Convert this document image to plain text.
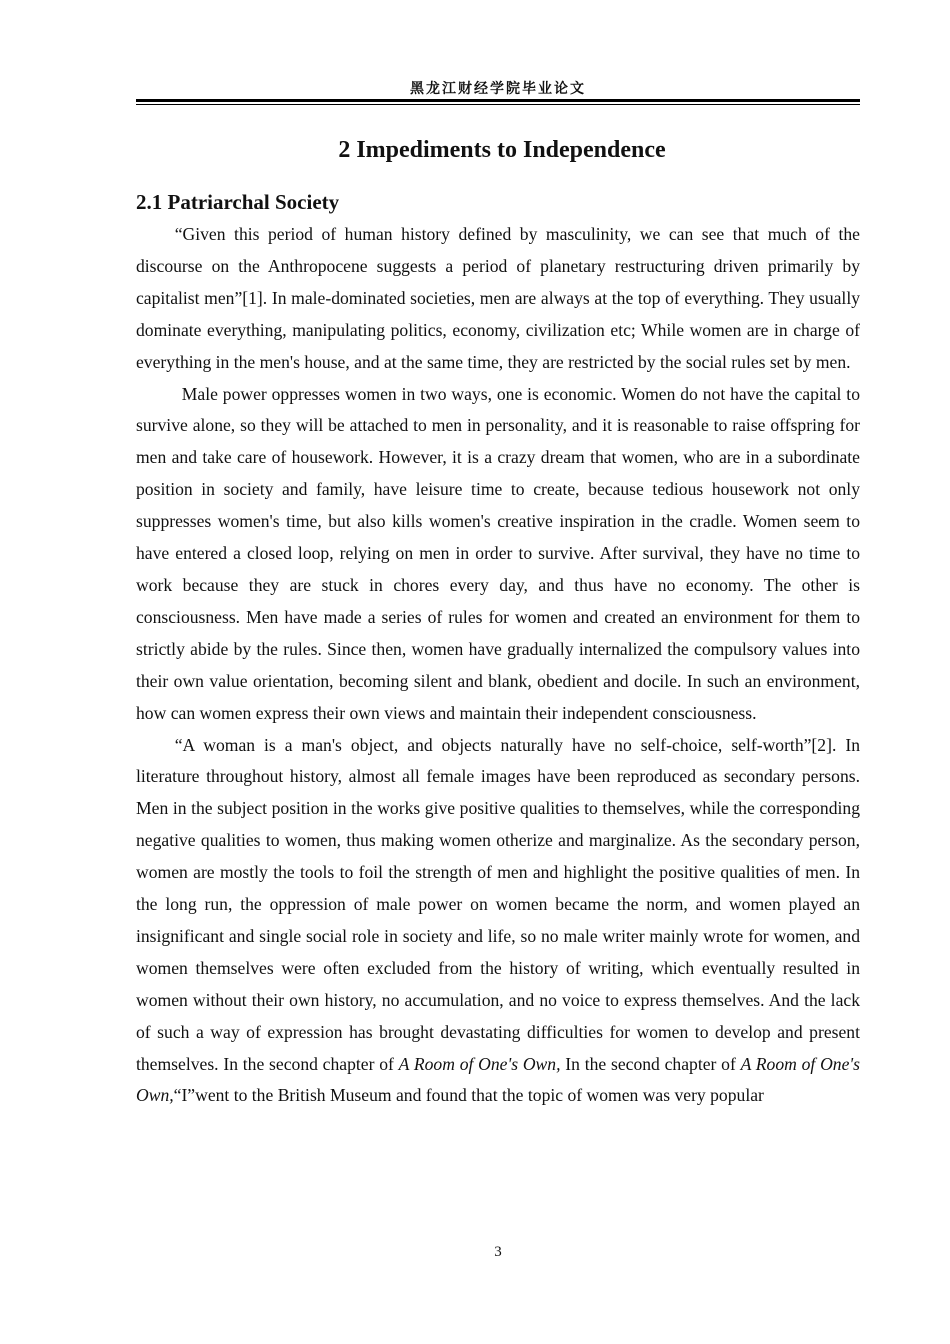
黑龙江财经学院毕业论文
2 Impediments to Independence
2.1 Patriarchal Society

“Given this period of human history defined by masculinity, we can see that much of the discourse on the Anthropocene suggests a period of planetary restructuring driven primarily by capitalist men”[1]. In male-dominated societies, men are always at the top of everything. They usually dominate everything, manipulating politics, economy, civilization etc; While women are in charge of everything in the men's house, and at the same time, they are restricted by the social rules set by men.

Male power oppresses women in two ways, one is economic. Women do not have the capital to survive alone, so they will be attached to men in personality, and it is reasonable to raise offspring for men and take care of housework. However, it is a crazy dream that women, who are in a subordinate position in society and family, have leisure time to create, because tedious housework not only suppresses women's time, but also kills women's creative inspiration in the cradle. Women seem to have entered a closed loop, relying on men in order to survive. After survival, they have no time to work because they are stuck in chores every day, and thus have no economy. The other is consciousness. Men have made a series of rules for women and created an environment for them to strictly abide by the rules. Since then, women have gradually internalized the compulsory values into their own value orientation, becoming silent and blank, obedient and docile. In such an environment, how can women express their own views and maintain their independent consciousness.

“A woman is a man's object, and objects naturally have no self-choice, self-worth”[2]. In literature throughout history, almost all female images have been reproduced as secondary persons. Men in the subject position in the works give positive qualities to themselves, while the corresponding negative qualities to women, thus making women otherize and marginalize. As the secondary person, women are mostly the tools to foil the strength of men and highlight the positive qualities of men. In the long run, the oppression of male power on women became the norm, and women played an insignificant and single social role in society and life, so no male writer mainly wrote for women, and women themselves were often excluded from the history of writing, which eventually resulted in women without their own history, no accumulation, and no voice to express themselves. And the lack of such a way of expression has brought devastating difficulties for women to develop and present themselves. In the second chapter of A Room of One's Own, In the second chapter of A Room of One's Own,“I”went to the British Museum and found that the topic of women was very popular

3
